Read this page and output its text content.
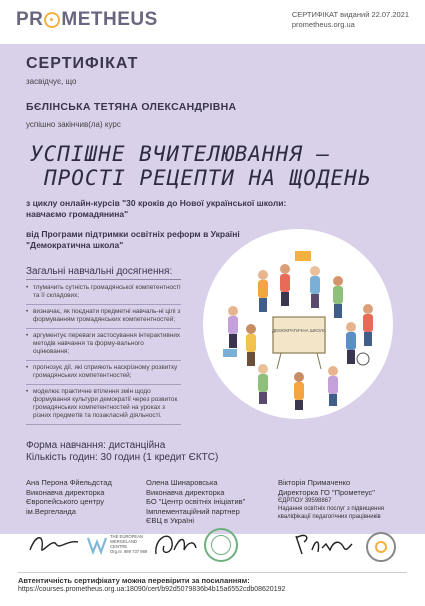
PR METHEUS	СЕРТИФІКАТ виданий 22.07.2021
prometheus.org.ua

СЕРТИФІКАТ

засвідчує, що

БЄЛІНСЬКА ТЕТЯНА ОЛЕКСАНДРІВНА

успішно закінчив(ла) курс

УСПІШНЕ ВЧИТЕЛЮВАННЯ –
ПРОСТІ РЕЦЕПТИ НА ЩОДЕНЬ
з циклу онлайн-курсів "30 кроків до Нової української школи:
навчаємо громадянина"
від Програми підтримки освітніх реформ в Україні
"Демократична школа"

Загальні навчальні досягнення:

• тлумачить сутність громадянської компетентності та її складових;
• визначає, як поєднати предметні навчаль-ні цілі з формуванням громадянських компетентностей;
• аргументує переваги застосування інтерактивних методів навчання та форму-вального оцінювання;
• прогнозує дії, які сприяють наскрізному розвитку громадянських компетентностей;
• моделює практичне втілення змін щодо формування культури демократії через розвиток громадянських компетентностей на уроках з різних предметів та позакласній діяльності.
ДЕМОКРАТИЧНА ШКОЛА
Форма навчання: дистанційна
Кількість годин: 30 годин (1 кредит ЄКТС)
Ана Перона Фйельдстад
Виконавча директорка
Європейського центру
ім.Вергеланда
Олена Шинаровська
Виконавча директорка
БО "Центр освітніх ініціатив"
Імплементаційний партнер
ЄВЦ в Україні
Вікторія Примаченко
Директорка ГО "Прометеус"
ЄДРПОУ 39598867
Надання освітніх послуг з підвищення
кваліфікації педагогічних працівників
THE EUROPEAN
WERGELAND
CENTRE
Org.nr. 989 737 989
Автентичність сертифікату можна перевірити за посиланням:
https://courses.prometheus.org.ua:18090/cert/b92d5079836b4b15a6552cdb08620192
